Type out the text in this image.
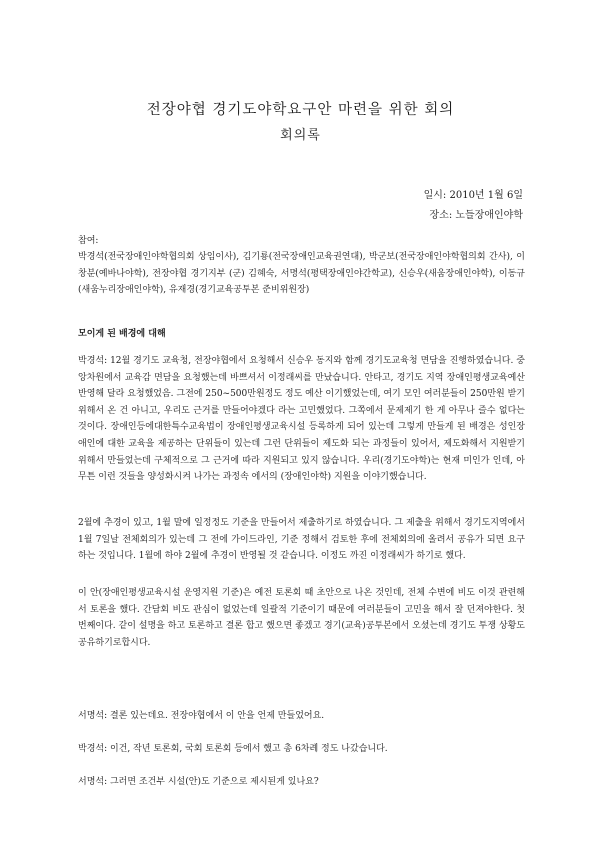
전장야협 경기도야학요구안 마련을 위한 회의
회의록
일시: 2010년 1월 6일
장소: 노들장애인야학
참여:
박경석(전국장애인야학협의회 상임이사), 김기룡(전국장애인교육권연대), 박군보(전국장애인야학협의회 간사), 이창분(예바나야학), 전장야협 경기지부 (군) 김혜숙, 서명석(평택장애인야간학교), 신승우(새움장애인야학), 이동규(새움누리장애인야학), 유재경(경기교육공투본 준비위원장)
모이게 된 배경에 대해
박경석: 12월 경기도 교육청, 전장야협에서 요청해서 신승우 동지와 함께 경기도교육청 면담을 진행하였습니다. 중앙차원에서 교육감 면담을 요청했는데 바쁘셔서 이정래씨를 만났습니다. 안타고, 경기도 지역 장애인평생교육예산 반영해 달라 요청했었음. 그전에 250~500만원정도 정도 예산 이기했었는데, 여기 모인 여러분들이 250만원 받기 위해서 온 건 아니고, 우리도 근거를 만들어야겠다 라는 고민했었다. 그쪽에서 문제제기 한 게 아무나 즐수 없다는 것이다. 장애인등에대한특수교육법이 장애인평생교육시설 등록하게 되어 있는데 그렇게 만들게 된 배경은 성인장애인에 대한 교육을 제공하는 단위들이 있는데 그런 단위들이 제도화 되는 과정들이 있어서, 제도화해서 지원받기 위해서 만들었는데 구체적으로 그 근거에 따라 지원되고 있지 않습니다. 우리(경기도야학)는 현재 미인가 인데, 아무튼 이런 것들을 양성화시켜 나가는 과정속 에서의 (장애인야학) 지원을 이야기했습니다.
2월에 추경이 있고, 1월 말에 일정정도 기준을 만들어서 제출하기로 하였습니다. 그 제출을 위해서 경기도지역에서 1월 7일날 전체회의가 있는데 그 전에 가이드라인, 기준 정해서 검토한 후에 전체회의에 올려서 공유가 되면 요구하는 것입니다. 1월에 하야 2월에 추경이 반영될 것 같습니다. 이정도 까진 이정래씨가 하기로 했다.
이 안(장애인평생교육시설 운영지원 기준)은 예전 토론회 때 초안으로 나온 것인데, 전체 수변에 비도 이것 관련해서 토론을 했다. 간담회 비도 관심이 없었는데 일괄적 기준이기 때문에 여러분들이 고민을 해서 잘 던져야한다. 첫 번째이다. 같이 설명을 하고 토론하고 결론 합고 했으면 좋겠고 경기(교육)공투본에서 오셨는데 경기도 투쟁 상황도 공유하기로합시다.
서명석: 결론 있는데요. 전장야협에서 이 안을 언제 만들었어요.
박경석: 이건, 작년 토론회, 국회 토론회 등에서 했고 총 6차례 정도 나갔습니다.
서명석: 그러면 조건부 시설(안)도 기준으로 제시된게 있나요?
